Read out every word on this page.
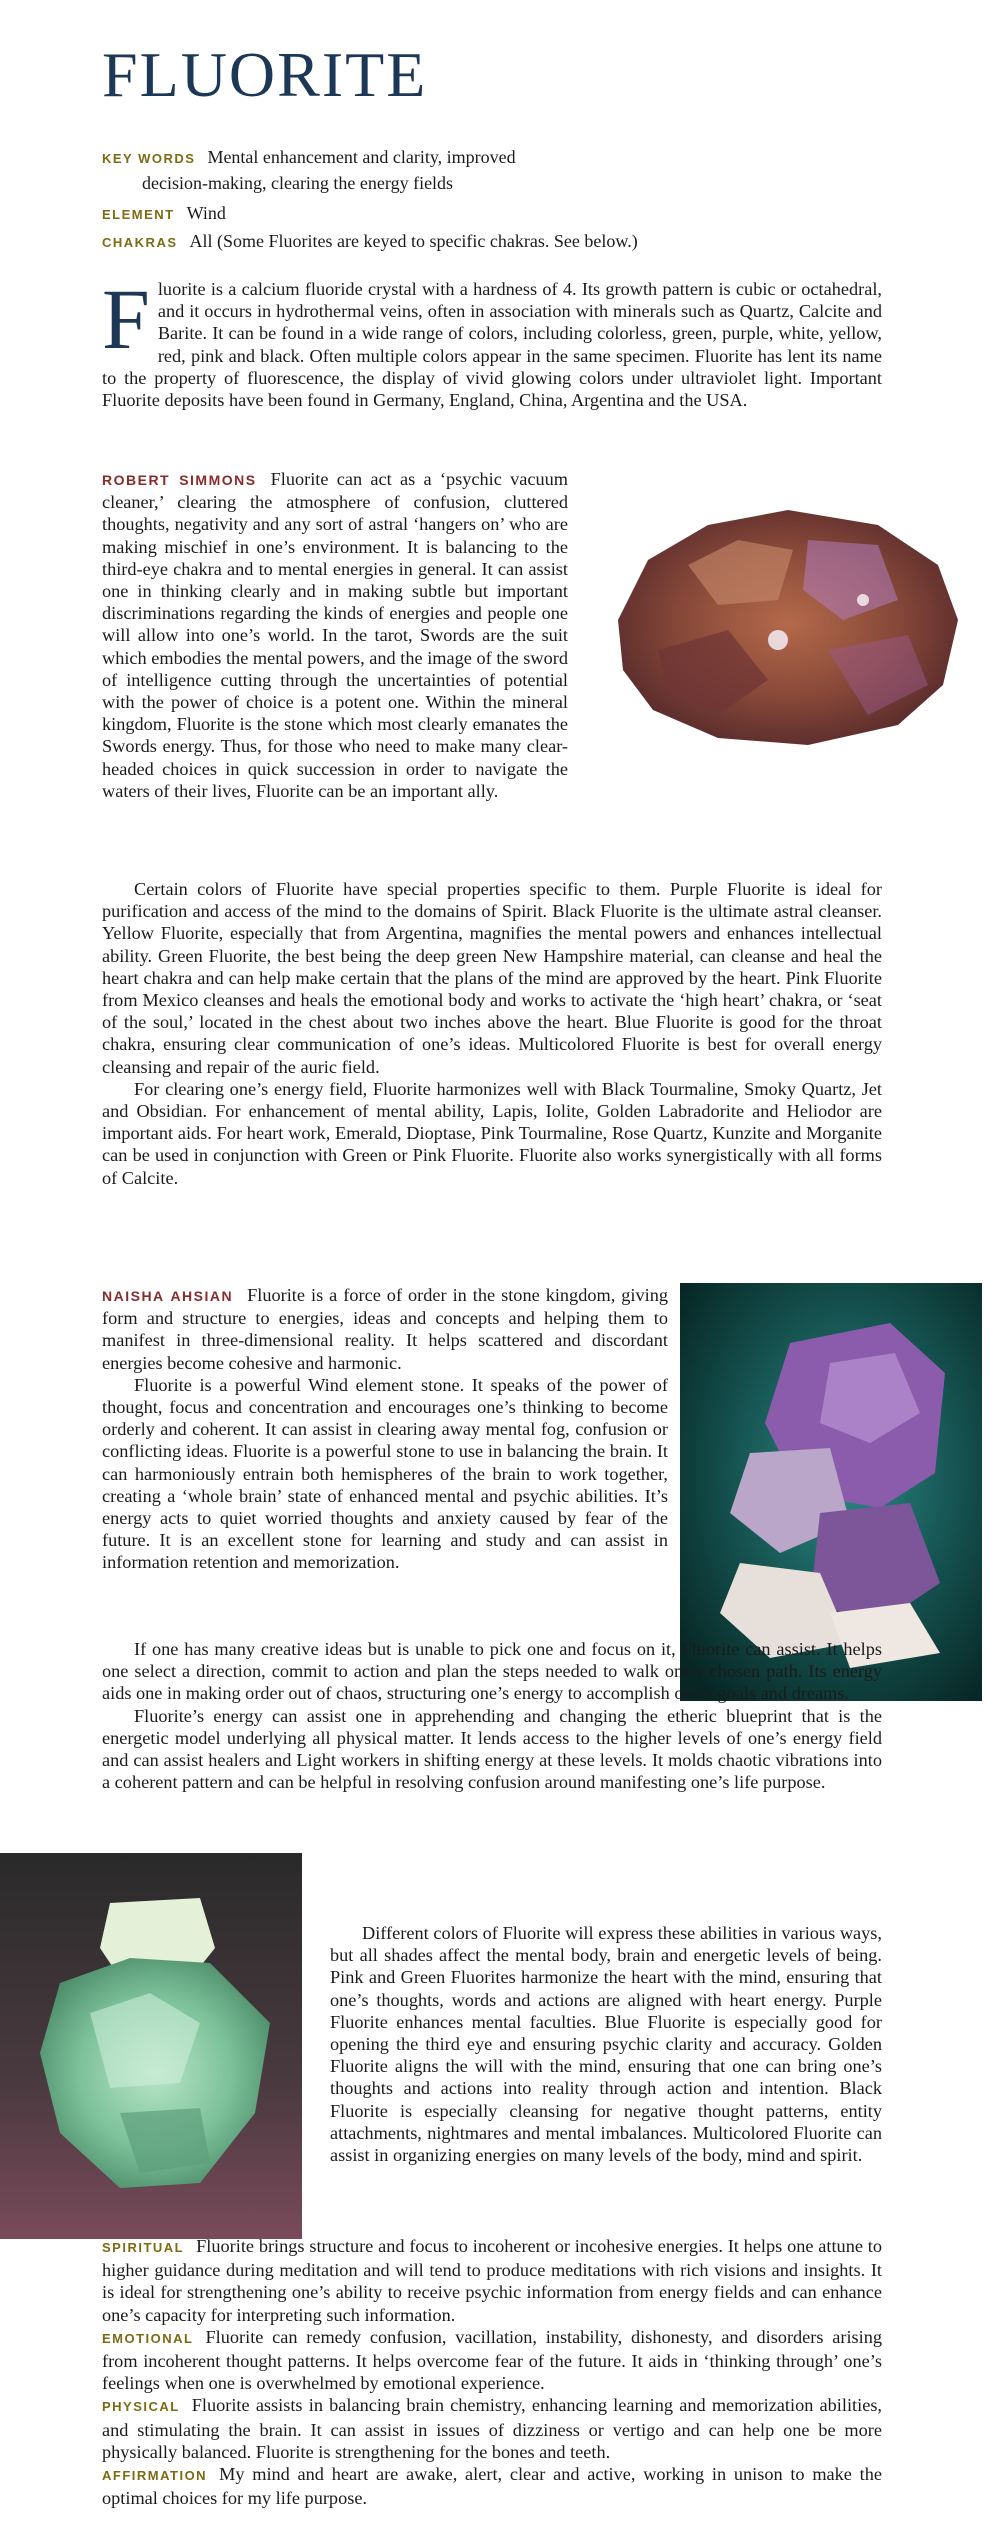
FLUORITE
KEY WORDS Mental enhancement and clarity, improved
decision-making, clearing the energy fields
ELEMENT Wind
CHAKRAS All (Some Fluorites are keyed to specific chakras. See below.)
Fluorite is a calcium fluoride crystal with a hardness of 4. Its growth pattern is cubic or octahedral, and it occurs in hydrothermal veins, often in association with minerals such as Quartz, Calcite and Barite. It can be found in a wide range of colors, including colorless, green, purple, white, yellow, red, pink and black. Often multiple colors appear in the same specimen. Fluorite has lent its name to the property of fluorescence, the display of vivid glowing colors under ultraviolet light. Important Fluorite deposits have been found in Germany, England, China, Argentina and the USA.
ROBERT SIMMONS Fluorite can act as a ‘psychic vacuum cleaner,’ clearing the atmosphere of confusion, cluttered thoughts, negativity and any sort of astral ‘hangers on’ who are making mischief in one’s environment. It is balancing to the third-eye chakra and to mental energies in general. It can assist one in thinking clearly and in making subtle but important discriminations regarding the kinds of energies and people one will allow into one’s world. In the tarot, Swords are the suit which embodies the mental powers, and the image of the sword of intelligence cutting through the uncertainties of potential with the power of choice is a potent one. Within the mineral kingdom, Fluorite is the stone which most clearly emanates the Swords energy. Thus, for those who need to make many clear-headed choices in quick succession in order to navigate the waters of their lives, Fluorite can be an important ally.

Certain colors of Fluorite have special properties specific to them. Purple Fluorite is ideal for purification and access of the mind to the domains of Spirit. Black Fluorite is the ultimate astral cleanser. Yellow Fluorite, especially that from Argentina, magnifies the mental powers and enhances intellectual ability. Green Fluorite, the best being the deep green New Hampshire material, can cleanse and heal the heart chakra and can help make certain that the plans of the mind are approved by the heart. Pink Fluorite from Mexico cleanses and heals the emotional body and works to activate the ‘high heart’ chakra, or ‘seat of the soul,’ located in the chest about two inches above the heart. Blue Fluorite is good for the throat chakra, ensuring clear communication of one’s ideas. Multicolored Fluorite is best for overall energy cleansing and repair of the auric field.

For clearing one’s energy field, Fluorite harmonizes well with Black Tourmaline, Smoky Quartz, Jet and Obsidian. For enhancement of mental ability, Lapis, Iolite, Golden Labradorite and Heliodor are important aids. For heart work, Emerald, Dioptase, Pink Tourmaline, Rose Quartz, Kunzite and Morganite can be used in conjunction with Green or Pink Fluorite. Fluorite also works synergistically with all forms of Calcite.

NAISHA AHSIAN Fluorite is a force of order in the stone kingdom, giving form and structure to energies, ideas and concepts and helping them to manifest in three-dimensional reality. It helps scattered and discordant energies become cohesive and harmonic.

Fluorite is a powerful Wind element stone. It speaks of the power of thought, focus and concentration and encourages one’s thinking to become orderly and coherent. It can assist in clearing away mental fog, confusion or conflicting ideas. Fluorite is a powerful stone to use in balancing the brain. It can harmoniously entrain both hemispheres of the brain to work together, creating a ‘whole brain’ state of enhanced mental and psychic abilities. It’s energy acts to quiet worried thoughts and anxiety caused by fear of the future. It is an excellent stone for learning and study and can assist in information retention and memorization.

If one has many creative ideas but is unable to pick one and focus on it, Fluorite can assist. It helps one select a direction, commit to action and plan the steps needed to walk one’s chosen path. Its energy aids one in making order out of chaos, structuring one’s energy to accomplish one’s goals and dreams.

Fluorite’s energy can assist one in apprehending and changing the etheric blueprint that is the energetic model underlying all physical matter. It lends access to the higher levels of one’s energy field and can assist healers and Light workers in shifting energy at these levels. It molds chaotic vibrations into a coherent pattern and can be helpful in resolving confusion around manifesting one’s life purpose.

Different colors of Fluorite will express these abilities in various ways, but all shades affect the mental body, brain and energetic levels of being. Pink and Green Fluorites harmonize the heart with the mind, ensuring that one’s thoughts, words and actions are aligned with heart energy. Purple Fluorite enhances mental faculties. Blue Fluorite is especially good for opening the third eye and ensuring psychic clarity and accuracy. Golden Fluorite aligns the will with the mind, ensuring that one can bring one’s thoughts and actions into reality through action and intention. Black Fluorite is especially cleansing for negative thought patterns, entity attachments, nightmares and mental imbalances. Multicolored Fluorite can assist in organizing energies on many levels of the body, mind and spirit.

SPIRITUAL Fluorite brings structure and focus to incoherent or incohesive energies. It helps one attune to higher guidance during meditation and will tend to produce meditations with rich visions and insights. It is ideal for strengthening one’s ability to receive psychic information from energy fields and can enhance one’s capacity for interpreting such information.

EMOTIONAL Fluorite can remedy confusion, vacillation, instability, dishonesty, and disorders arising from incoherent thought patterns. It helps overcome fear of the future. It aids in ‘thinking through’ one’s feelings when one is overwhelmed by emotional experience.

PHYSICAL Fluorite assists in balancing brain chemistry, enhancing learning and memorization abilities, and stimulating the brain. It can assist in issues of dizziness or vertigo and can help one be more physically balanced. Fluorite is strengthening for the bones and teeth.

AFFIRMATION My mind and heart are awake, alert, clear and active, working in unison to make the optimal choices for my life purpose.
